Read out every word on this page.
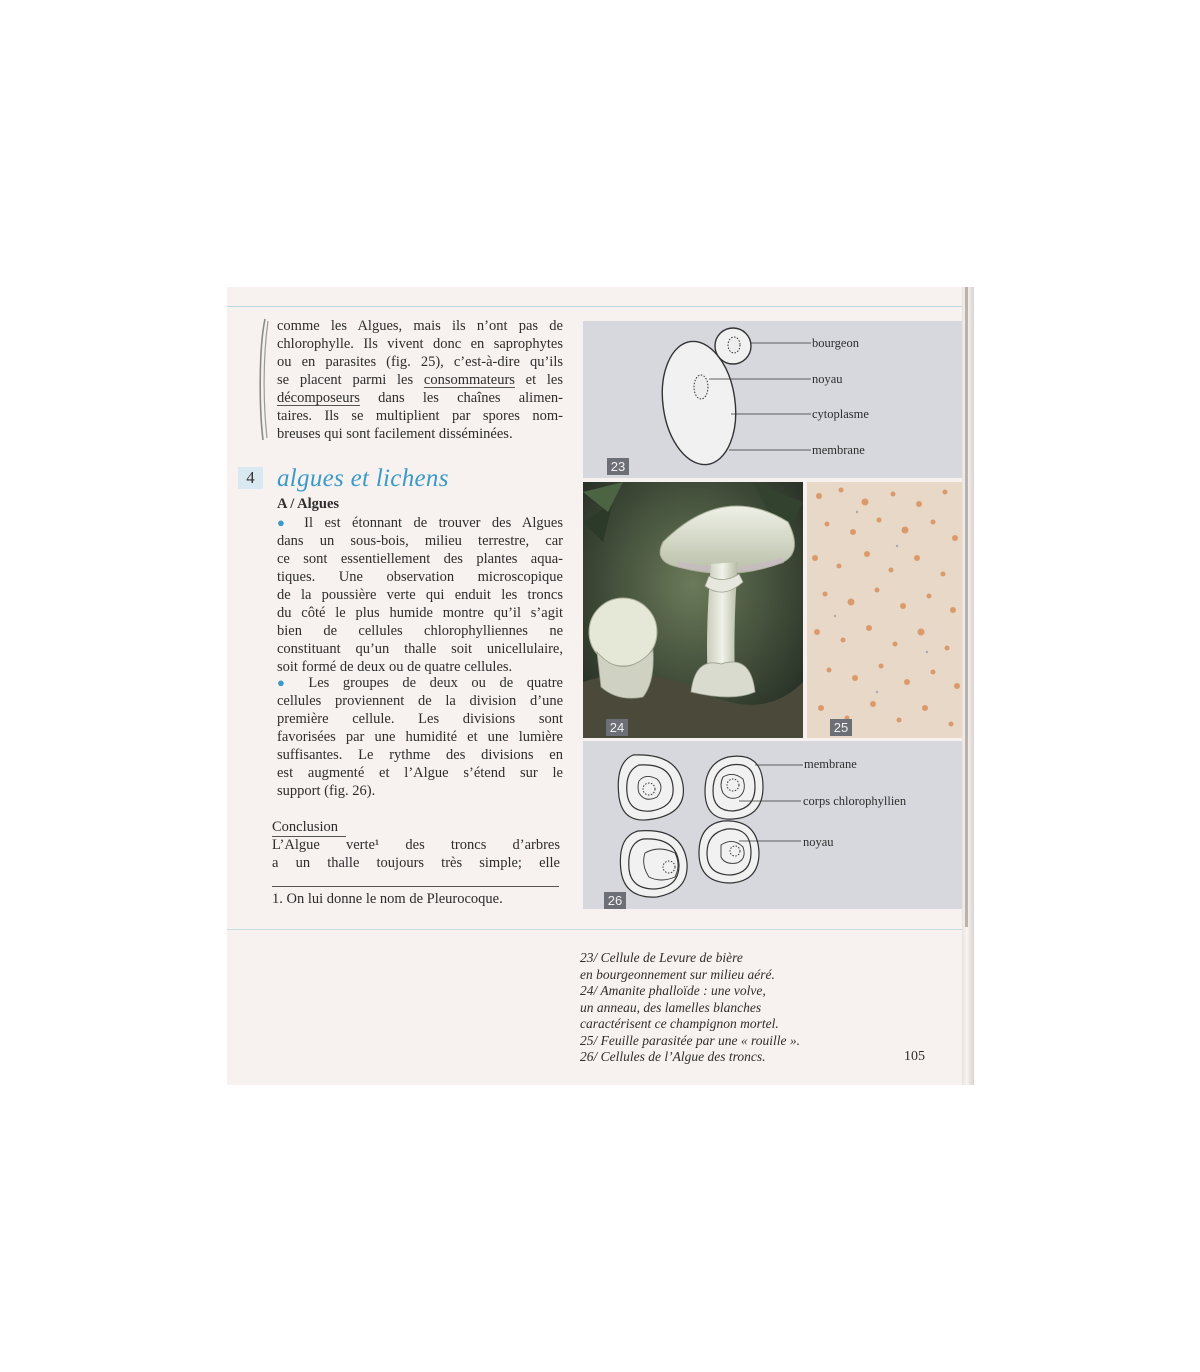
comme les Algues, mais ils n’ont pas de

chlorophylle. Ils vivent donc en saprophytes

ou en parasites (fig. 25), c’est-à-dire qu’ils

se placent parmi les consommateurs et les

décomposeurs dans les chaînes alimen-

taires. Ils se multiplient par spores nom-

breuses qui sont facilement disséminées.

4 algues et lichens
A / Algues

● Il est étonnant de trouver des Algues

dans un sous-bois, milieu terrestre, car

ce sont essentiellement des plantes aqua-

tiques. Une observation microscopique

de la poussière verte qui enduit les troncs

du côté le plus humide montre qu’il s’agit

bien de cellules chlorophylliennes ne

constituant qu’un thalle soit unicellulaire,

soit formé de deux ou de quatre cellules.

● Les groupes de deux ou de quatre

cellules proviennent de la division d’une

première cellule. Les divisions sont

favorisées par une humidité et une lumière

suffisantes. Le rythme des divisions en

est augmenté et l’Algue s’étend sur le

support (fig. 26).

Conclusion

L’Algue verte¹ des troncs d’arbres

a un thalle toujours très simple; elle

1. On lui donne le nom de Pleurocoque.
bourgeon
noyau
cytoplasme
membrane
23
24	25
membrane
corps chlorophyllien
noyau
26
23/ Cellule de Levure de bière
en bourgeonnement sur milieu aéré.
24/ Amanite phalloïde : une volve,
un anneau, des lamelles blanches
caractérisent ce champignon mortel.
25/ Feuille parasitée par une « rouille ».
26/ Cellules de l’Algue des troncs.	105
